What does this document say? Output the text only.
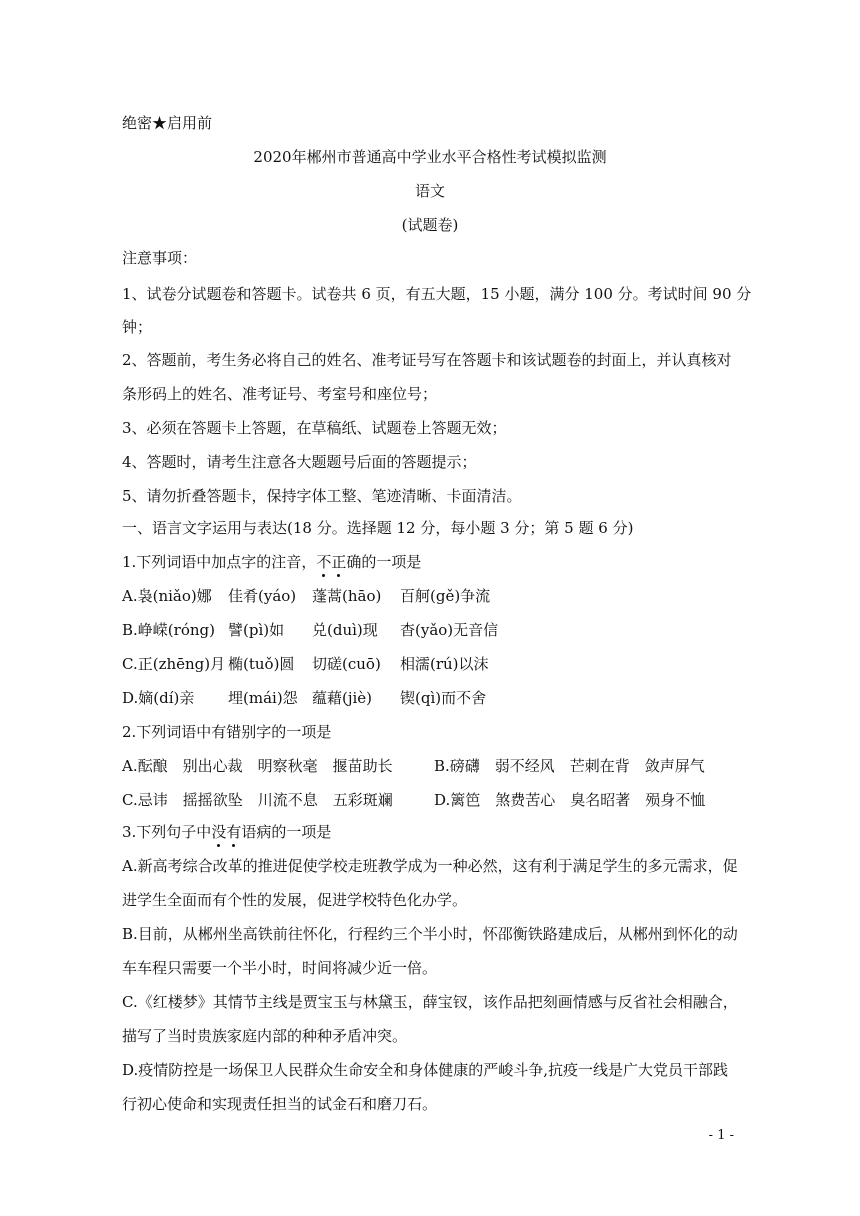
绝密★启用前
2020年郴州市普通高中学业水平合格性考试模拟监测
语文
(试题卷)
注意事项：
1、试卷分试题卷和答题卡。试卷共 6 页，有五大题，15 小题，满分 100 分。考试时间 90 分
钟；
2、答题前，考生务必将自己的姓名、准考证号写在答题卡和该试题卷的封面上，并认真核对
条形码上的姓名、准考证号、考室号和座位号；
3、必须在答题卡上答题，在草稿纸、试题卷上答题无效；
4、答题时，请考生注意各大题题号后面的答题提示；
5、请勿折叠答题卡，保持字体工整、笔迹清晰、卡面清洁。
一、语言文字运用与表达(18 分。选择题 12 分，每小题 3 分；第 5 题 6 分)
1.下列词语中加点字的注音，不正确的一项是
A.袅(niǎo)娜 佳肴(yáo) 蓬蒿(hāo) 百舸(gě)争流
B.峥嵘(róng) 譬(pì)如 兑(duì)现 杳(yǎo)无音信
C.正(zhēng)月 椭(tuǒ)圆 切磋(cuō) 相濡(rú)以沫
D.嫡(dí)亲 埋(mái)怨 蕴藉(jiè) 锲(qì)而不舍
2.下列词语中有错别字的一项是
A.酝酿　别出心裁　明察秋毫　揠苗助长	B.磅礴　弱不经风　芒刺在背　敛声屏气
C.忌讳　摇摇欲坠　川流不息　五彩斑斓	D.篱笆　煞费苦心　臭名昭著　殒身不恤
3.下列句子中没有语病的一项是
A.新高考综合改革的推进促使学校走班教学成为一种必然，这有利于满足学生的多元需求，促
进学生全面而有个性的发展，促进学校特色化办学。
B.目前，从郴州坐高铁前往怀化，行程约三个半小时，怀邵衡铁路建成后，从郴州到怀化的动
车车程只需要一个半小时，时间将减少近一倍。
C.《红楼梦》其情节主线是贾宝玉与林黛玉，薛宝钗，该作品把刻画情感与反省社会相融合，
描写了当时贵族家庭内部的种种矛盾冲突。
D.疫情防控是一场保卫人民群众生命安全和身体健康的严峻斗争,抗疫一线是广大党员干部践
行初心使命和实现责任担当的试金石和磨刀石。
- 1 -
